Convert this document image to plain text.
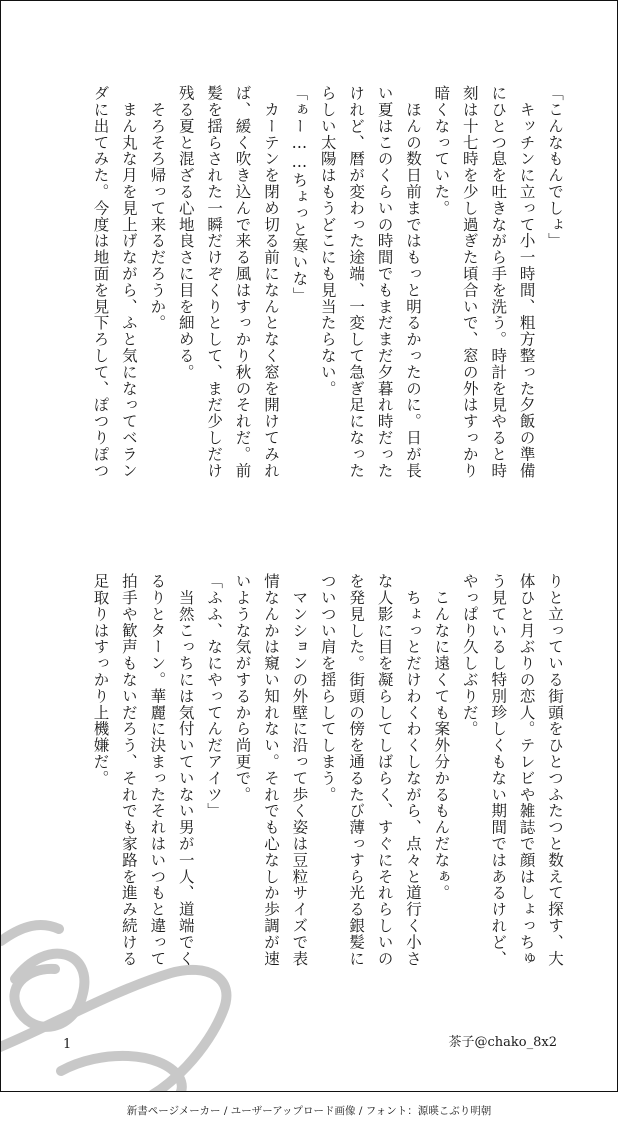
「こんなもんでしょ」
　キッチンに立って小一時間、粗方整った夕飯の準備
にひとつ息を吐きながら手を洗う。時計を見やると時
刻は十七時を少し過ぎた頃合いで、窓の外はすっかり
暗くなっていた。
　ほんの数日前まではもっと明るかったのに。日が長
い夏はこのくらいの時間でもまだまだ夕暮れ時だった
けれど、暦が変わった途端、一変して急ぎ足になった
らしい太陽はもうどこにも見当たらない。
「ぁー……ちょっと寒いな」
　カーテンを閉め切る前になんとなく窓を開けてみれ
ば、緩く吹き込んで来る風はすっかり秋のそれだ。前
髪を揺らされた一瞬だけぞくりとして、まだ少しだけ
残る夏と混ざる心地良さに目を細める。
　そろそろ帰って来るだろうか。
　まん丸な月を見上げながら、ふと気になってベラン
ダに出てみた。今度は地面を見下ろして、ぽつりぽつ
りと立っている街頭をひとつふたつと数えて探す、大
体ひと月ぶりの恋人。テレビや雑誌で顔はしょっちゅ
う見ているし特別珍しくもない期間ではあるけれど、
やっぱり久しぶりだ。
　こんなに遠くても案外分かるもんだなぁ。
　ちょっとだけわくわくしながら、点々と道行く小さ
な人影に目を凝らしてしばらく、すぐにそれらしいの
を発見した。街頭の傍を通るたび薄っすら光る銀髪に
ついつい肩を揺らしてしまう。
　マンションの外壁に沿って歩く姿は豆粒サイズで表
情なんかは窺い知れない。それでも心なしか歩調が速
いような気がするから尚更で。
「ふふ、なにやってんだアイツ」
　当然こっちには気付いていない男が一人、道端でく
るりとターン。華麗に決まったそれはいつもと違って
拍手や歓声もないだろう、それでも家路を進み続ける
足取りはすっかり上機嫌だ。
1	茶子@chako_8x2
新書ページメーカー / ユーザーアップロード画像 / フォント：源暎こぶり明朝
